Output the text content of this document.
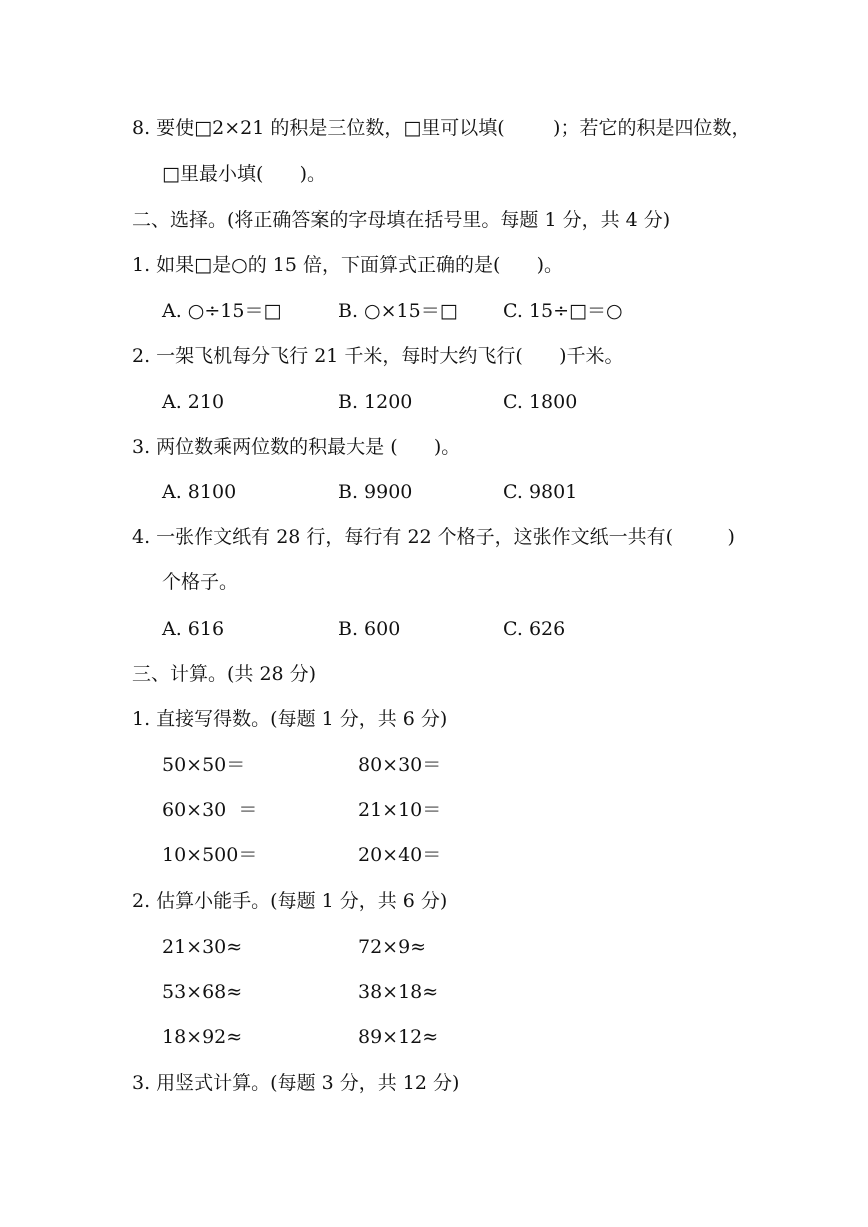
8. 要使□2×21 的积是三位数，□里可以填(        )；若它的积是四位数，
□里最小填(      )。
二、选择。(将正确答案的字母填在括号里。每题 1 分，共 4 分)
1. 如果□是○的 15 倍，下面算式正确的是(      )。
A. ○÷15＝□	B. ○×15＝□ C. 15÷□＝○
2. 一架飞机每分飞行 21 千米，每时大约飞行(      )千米。
A. 210	B. 1200	C. 1800
3. 两位数乘两位数的积最大是 (      )。
A. 8100	B. 9900	C. 9801
4. 一张作文纸有 28 行，每行有 22 个格子，这张作文纸一共有(         )
个格子。
A. 616	B. 600	C. 626
三、计算。(共 28 分)
1. 直接写得数。(每题 1 分，共 6 分)
50×50＝	80×30＝
60×30  ＝	21×10＝
10×500＝	20×40＝
2. 估算小能手。(每题 1 分，共 6 分)
21×30≈	72×9≈
53×68≈	38×18≈
18×92≈	89×12≈
3. 用竖式计算。(每题 3 分，共 12 分)
